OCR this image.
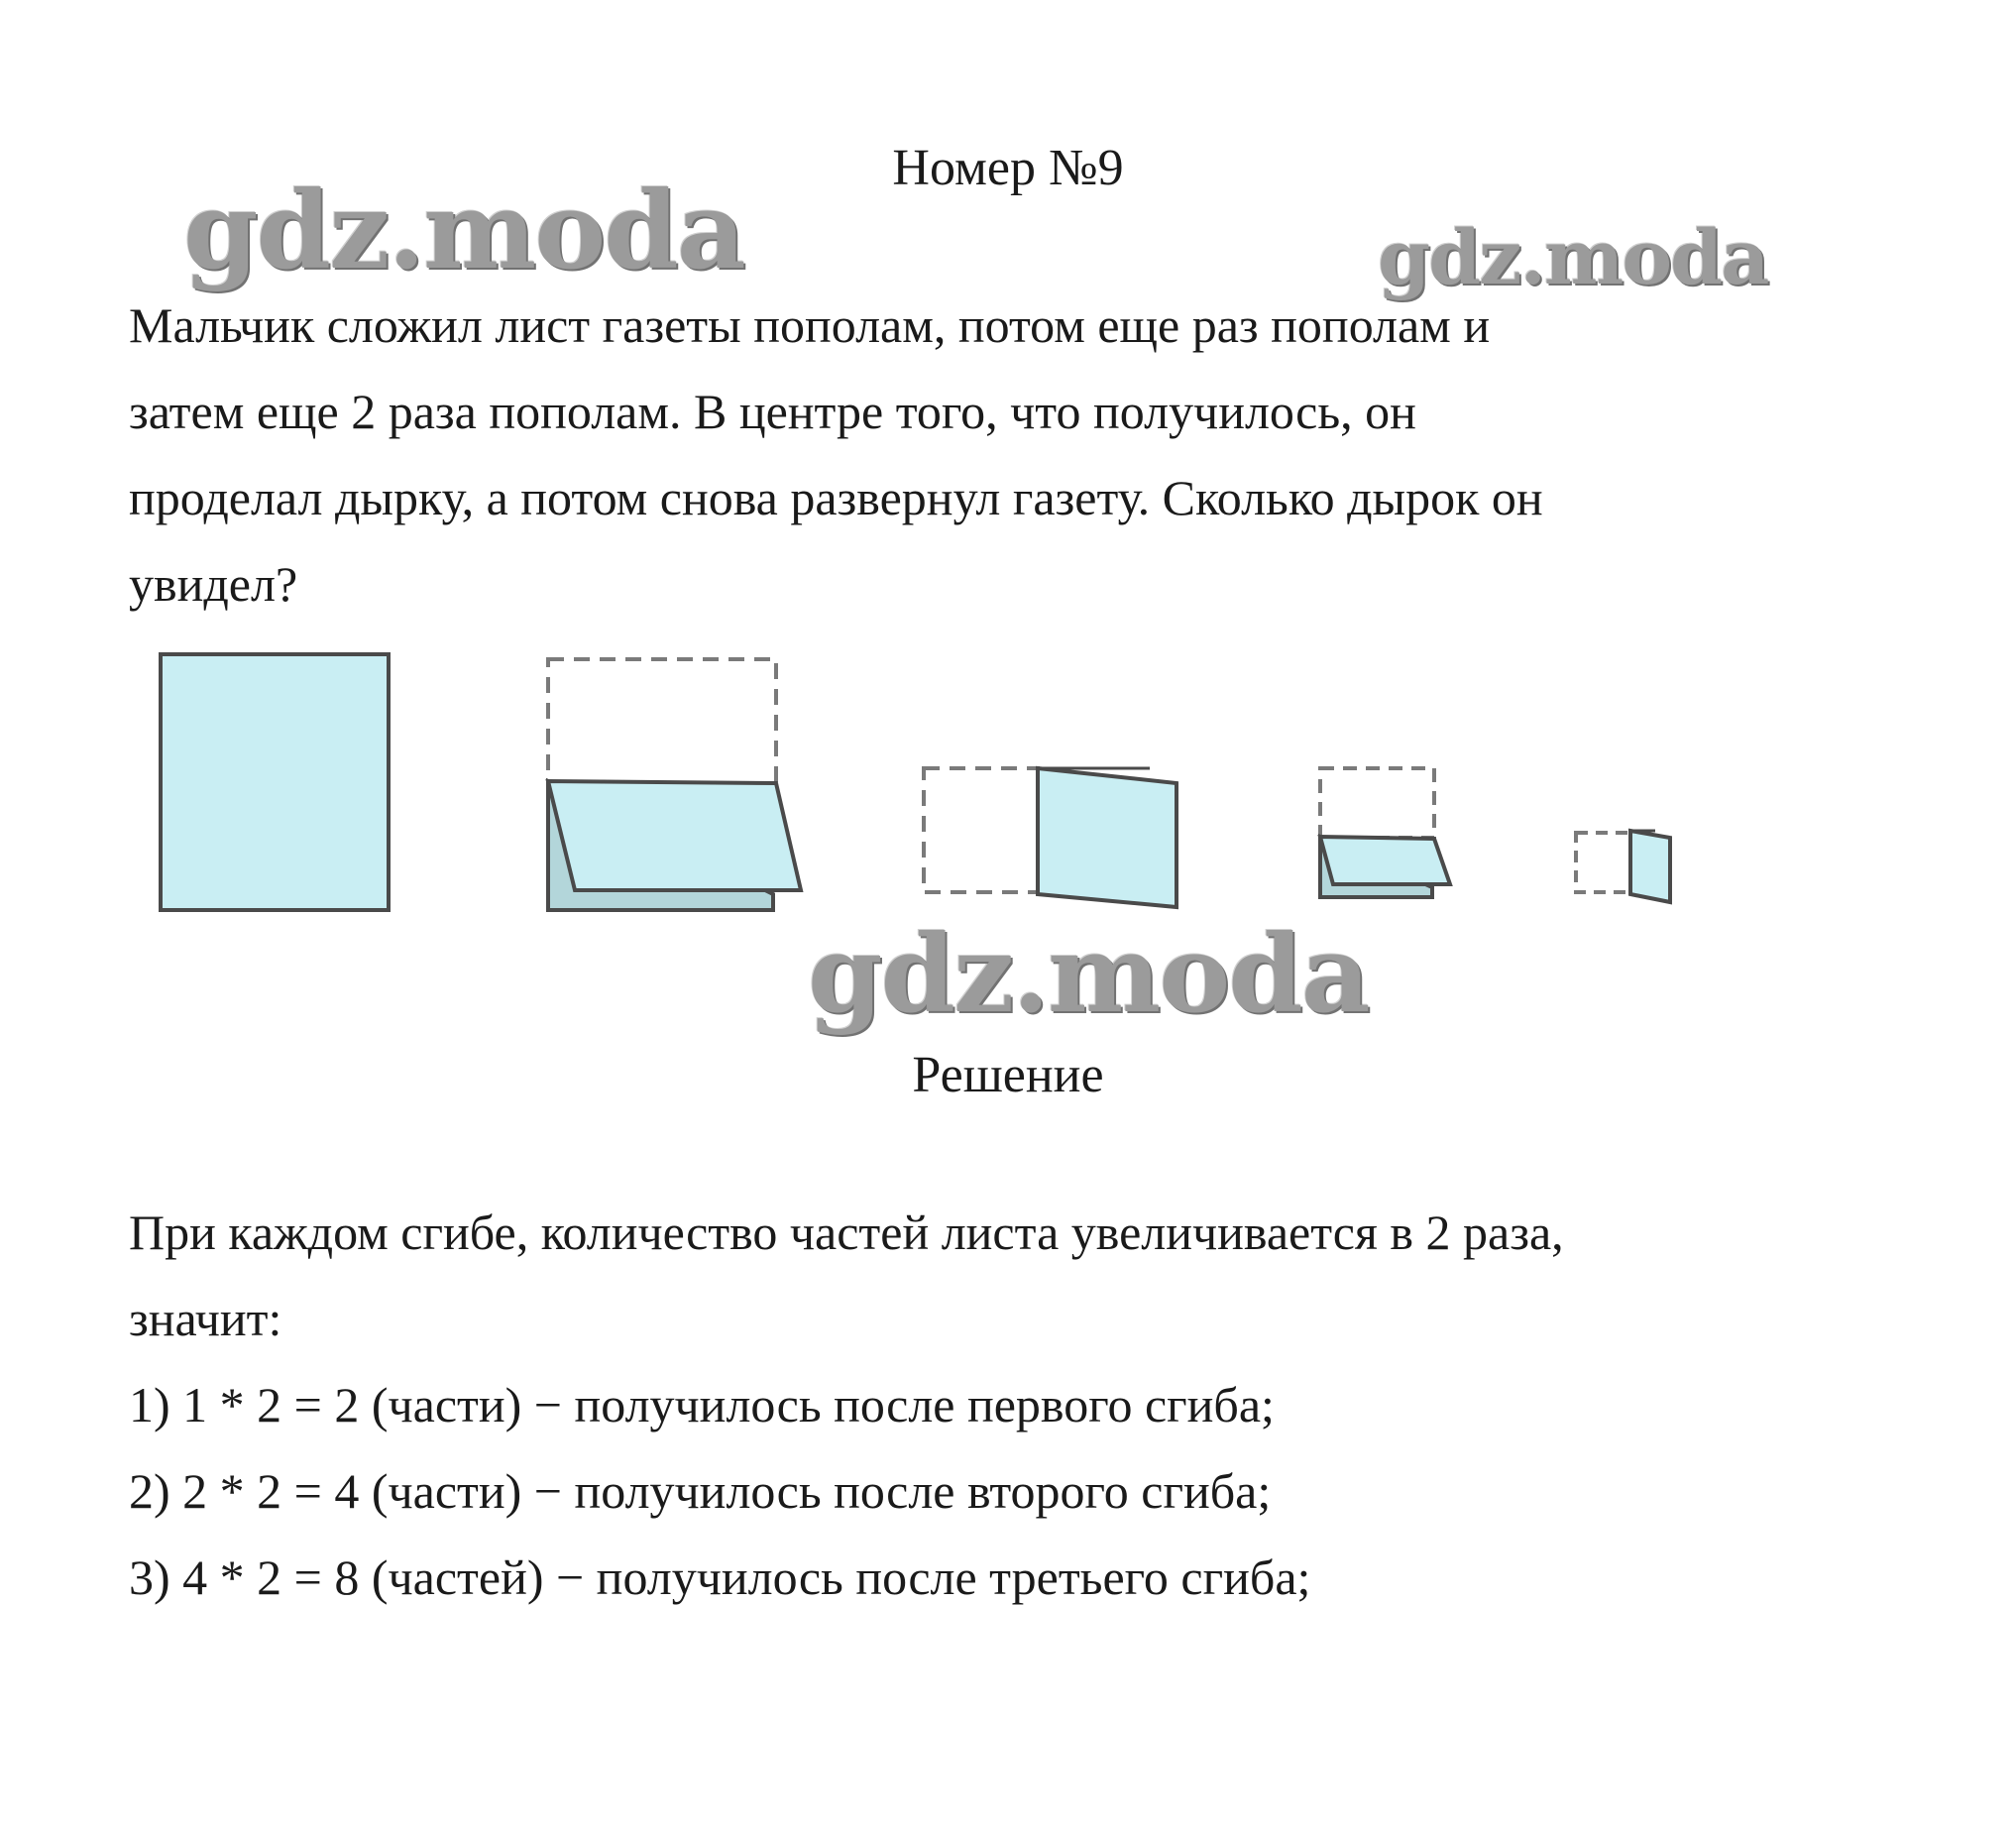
gdz.moda	gdz.moda
Номер №9

Мальчик сложил лист газеты пополам, потом еще раз пополам и

затем еще 2 раза пополам. В центре того, что получилось, он

проделал дырку, а потом снова развернул газету. Сколько дырок он

увидел?

gdz.moda
Решение

При каждом сгибе, количество частей листа увеличивается в 2 раза,

значит:

1) 1 * 2 = 2 (части) − получилось после первого сгиба;

2) 2 * 2 = 4 (части) − получилось после второго сгиба;

3) 4 * 2 = 8 (частей) − получилось после третьего сгиба;
